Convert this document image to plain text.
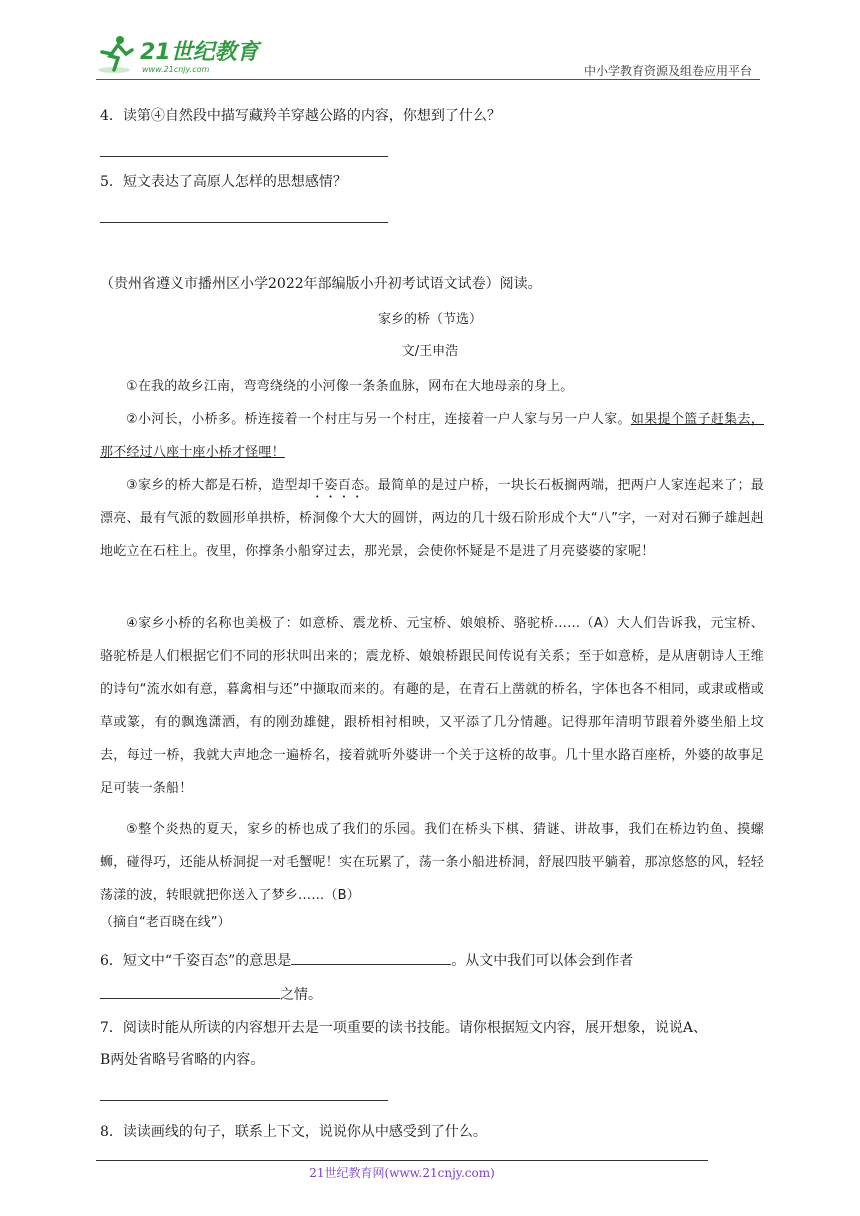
21世纪教育
www.21cnjy.com	中小学教育资源及组卷应用平台
4．读第④自然段中描写藏羚羊穿越公路的内容，你想到了什么？
5．短文表达了高原人怎样的思想感情？
（贵州省遵义市播州区小学2022年部编版小升初考试语文试卷）阅读。
家乡的桥（节选）
文/王申浩
①在我的故乡江南，弯弯绕绕的小河像一条条血脉，网布在大地母亲的身上。
②小河长，小桥多。桥连接着一个村庄与另一个村庄，连接着一户人家与另一户人家。如果提个篮子赶集去，那不经过八座十座小桥才怪哩！
③家乡的桥大都是石桥，造型却千姿百态。最简单的是过户桥，一块长石板搁两端，把两户人家连起来了；最漂亮、最有气派的数圆形单拱桥，桥洞像个大大的圆饼，两边的几十级石阶形成个大“八”字，一对对石狮子雄赳赳地屹立在石柱上。夜里，你撑条小船穿过去，那光景，会使你怀疑是不是进了月亮婆婆的家呢！
④家乡小桥的名称也美极了：如意桥、震龙桥、元宝桥、娘娘桥、骆驼桥……（A）大人们告诉我，元宝桥、骆驼桥是人们根据它们不同的形状叫出来的；震龙桥、娘娘桥跟民间传说有关系；至于如意桥，是从唐朝诗人王维的诗句“流水如有意，暮禽相与还”中撷取而来的。有趣的是，在青石上凿就的桥名，字体也各不相同，或隶或楷或草或篆，有的飘逸潇洒，有的刚劲雄健，跟桥相衬相映，又平添了几分情趣。记得那年清明节跟着外婆坐船上坟去，每过一桥，我就大声地念一遍桥名，接着就听外婆讲一个关于这桥的故事。几十里水路百座桥，外婆的故事足足可装一条船！
⑤整个炎热的夏天，家乡的桥也成了我们的乐园。我们在桥头下棋、猜谜、讲故事，我们在桥边钓鱼、摸螺蛳，碰得巧，还能从桥洞捉一对毛蟹呢！实在玩累了，荡一条小船进桥洞，舒展四肢平躺着，那凉悠悠的风，轻轻荡漾的波，转眼就把你送入了梦乡……（B）
（摘自“老百晓在线”）
6．短文中“千姿百态”的意思是	。从文中我们可以体会到作者
之情。
7．阅读时能从所读的内容想开去是一项重要的读书技能。请你根据短文内容，展开想象，说说A、
B两处省略号省略的内容。
8．读读画线的句子，联系上下文，说说你从中感受到了什么。
21世纪教育网(www.21cnjy.com)
